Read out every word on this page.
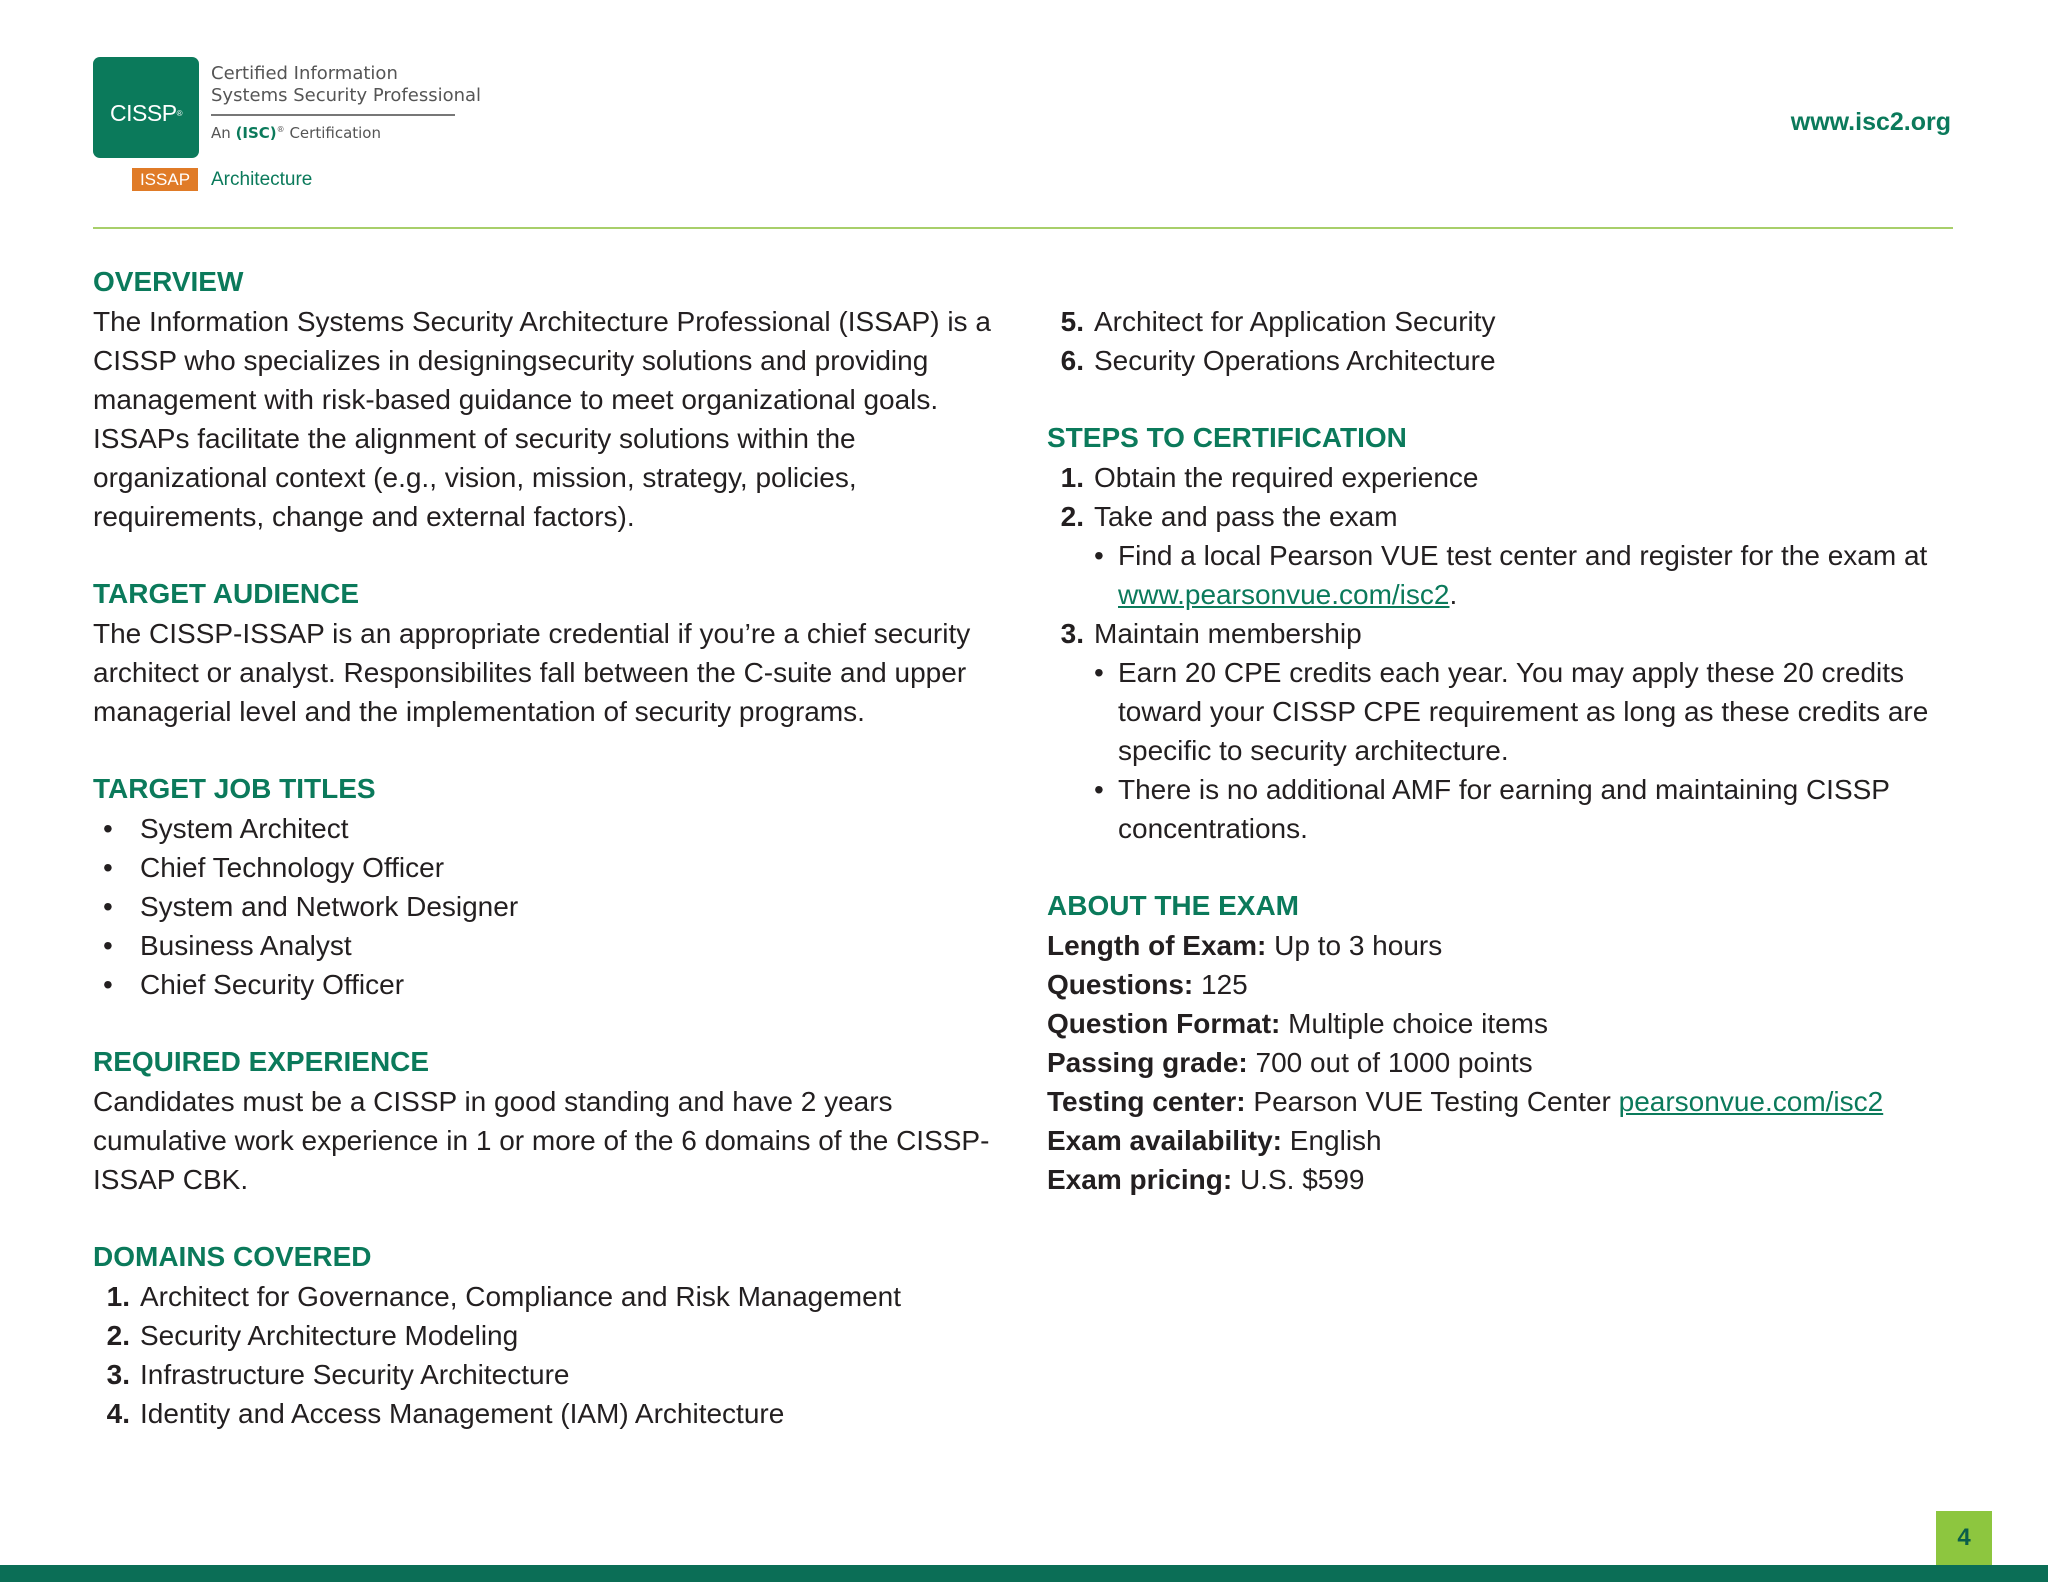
CISSP ®
Certified Information
Systems Security Professional
An (ISC)® Certification
ISSAP	Architecture
www.isc2.org
OVERVIEW
The Information Systems Security Architecture Professional (ISSAP) is a CISSP who specializes in designingsecurity solutions and providing management with risk-based guidance to meet organizational goals. ISSAPs facilitate the alignment of security solutions within the organizational context (e.g., vision, mission, strategy, policies, requirements, change and external factors).
TARGET AUDIENCE
The CISSP-ISSAP is an appropriate credential if you’re a chief security architect or analyst. Responsibilites fall between the C-suite and upper managerial level and the implementation of security programs.
TARGET JOB TITLES
• System Architect
• Chief Technology Officer
• System and Network Designer
• Business Analyst
• Chief Security Officer
REQUIRED EXPERIENCE
Candidates must be a CISSP in good standing and have 2 years cumulative work experience in 1 or more of the 6 domains of the CISSP-ISSAP CBK.
DOMAINS COVERED
1. Architect for Governance, Compliance and Risk Management
2. Security Architecture Modeling
3. Infrastructure Security Architecture
4. Identity and Access Management (IAM) Architecture
5. Architect for Application Security
6. Security Operations Architecture
STEPS TO CERTIFICATION
1. Obtain the required experience
2. Take and pass the exam
• Find a local Pearson VUE test center and register for the exam at www.pearsonvue.com/isc2.
3. Maintain membership
• Earn 20 CPE credits each year. You may apply these 20 credits toward your CISSP CPE requirement as long as these credits are specific to security architecture.
• There is no additional AMF for earning and maintaining CISSP concentrations.
ABOUT THE EXAM
Length of Exam: Up to 3 hours
Questions: 125
Question Format: Multiple choice items
Passing grade: 700 out of 1000 points
Testing center: Pearson VUE Testing Center pearsonvue.com/isc2
Exam availability: English
Exam pricing: U.S. $599
4
